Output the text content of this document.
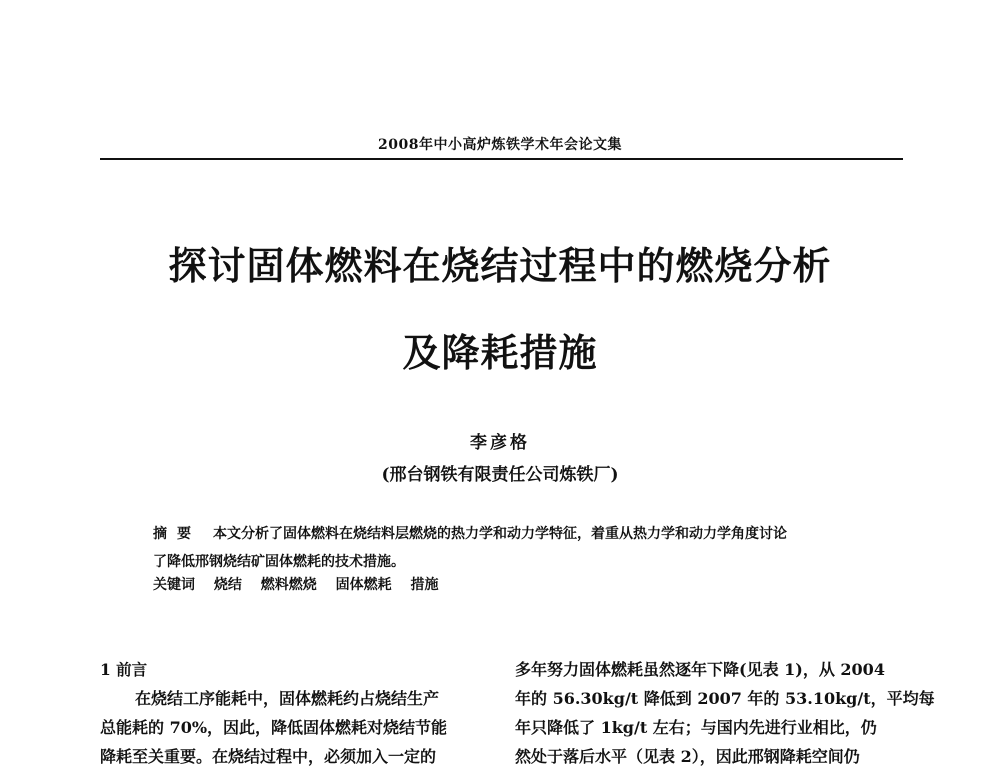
2008年中小高炉炼铁学术年会论文集
探讨固体燃料在烧结过程中的燃烧分析
及降耗措施
李彦格
(邢台钢铁有限责任公司炼铁厂)
摘要 本文分析了固体燃料在烧结料层燃烧的热力学和动力学特征，着重从热力学和动力学角度讨论
了降低邢钢烧结矿固体燃耗的技术措施。
关键词 烧结 燃料燃烧 固体燃耗 措施
1 前言
在烧结工序能耗中，固体燃耗约占烧结生产
总能耗的 70%，因此，降低固体燃耗对烧结节能
降耗至关重要。在烧结过程中，必须加入一定的
多年努力固体燃耗虽然逐年下降(见表 1)，从 2004
年的 56.30kg/t 降低到 2007 年的 53.10kg/t，平均每
年只降低了 1kg/t 左右；与国内先进行业相比，仍
然处于落后水平（见表 2），因此邢钢降耗空间仍
